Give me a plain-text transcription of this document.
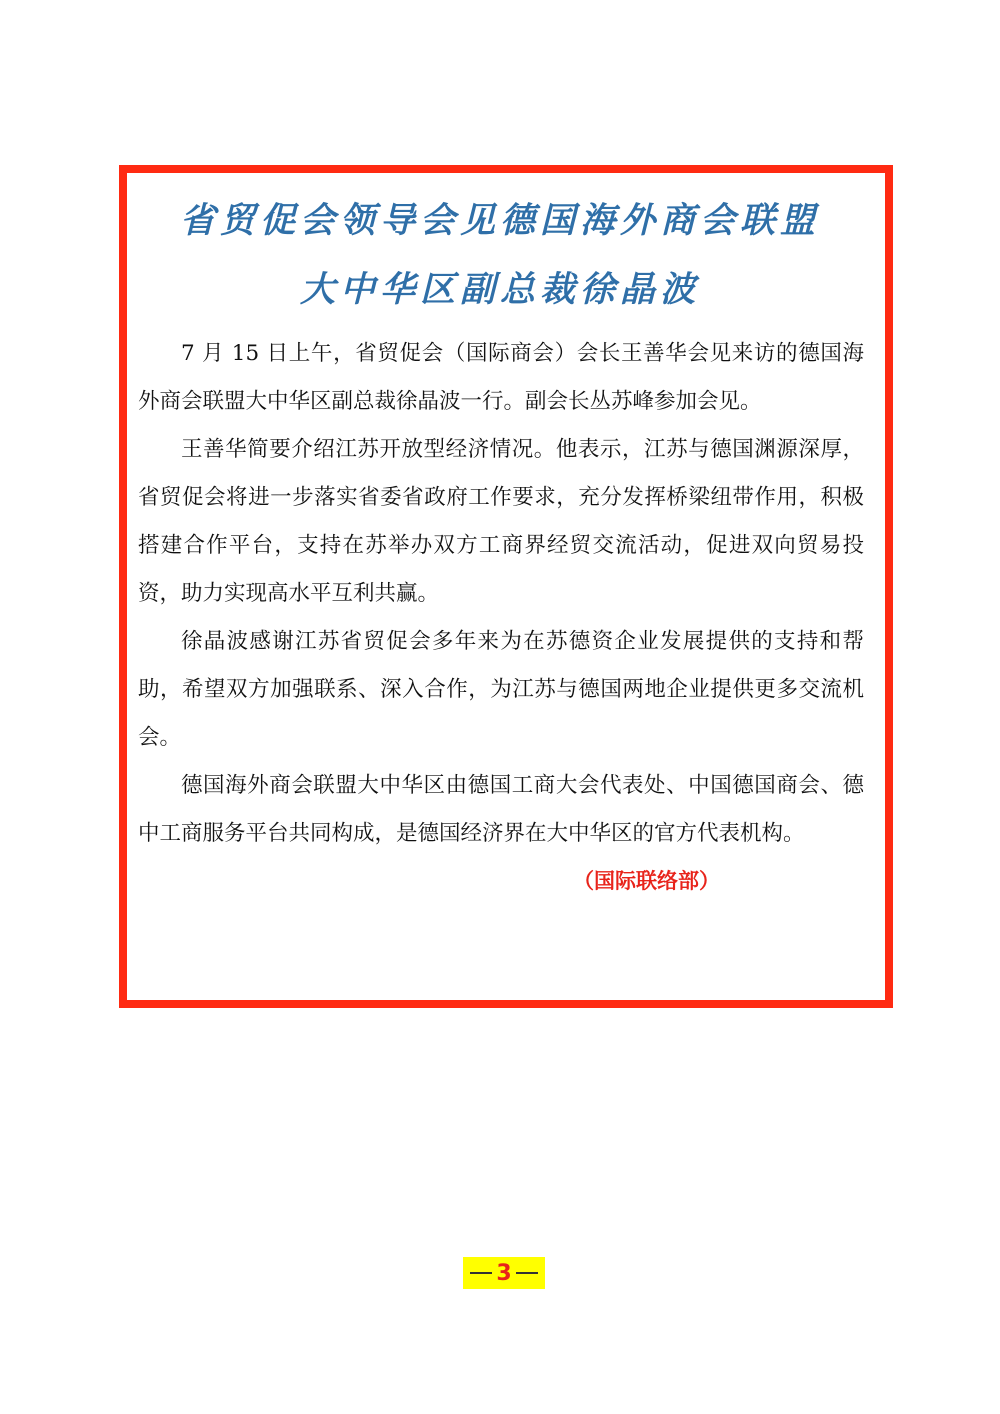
省贸促会领导会见德国海外商会联盟
大中华区副总裁徐晶波

7 月 15 日上午，省贸促会（国际商会）会长王善华会见来访的德国海外商会联盟大中华区副总裁徐晶波一行。副会长丛苏峰参加会见。

王善华简要介绍江苏开放型经济情况。他表示，江苏与德国渊源深厚，省贸促会将进一步落实省委省政府工作要求，充分发挥桥梁纽带作用，积极搭建合作平台，支持在苏举办双方工商界经贸交流活动，促进双向贸易投资，助力实现高水平互利共赢。

徐晶波感谢江苏省贸促会多年来为在苏德资企业发展提供的支持和帮助，希望双方加强联系、深入合作，为江苏与德国两地企业提供更多交流机会。

德国海外商会联盟大中华区由德国工商大会代表处、中国德国商会、德中工商服务平台共同构成，是德国经济界在大中华区的官方代表机构。

（国际联络部）
3
